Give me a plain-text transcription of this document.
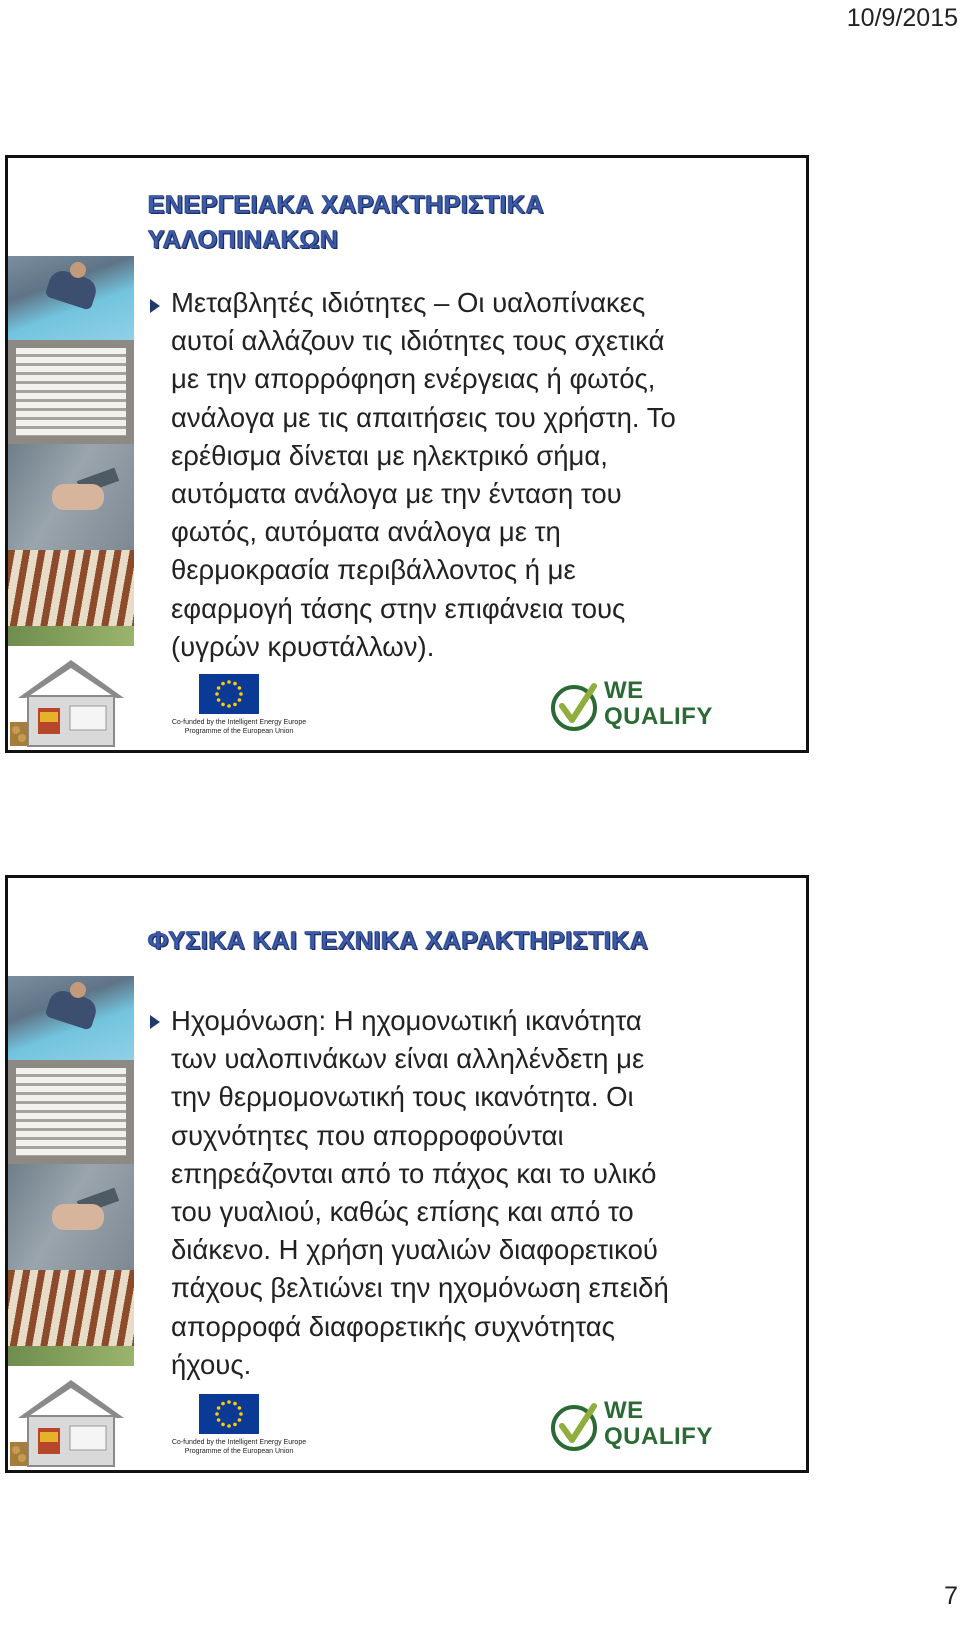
10/9/2015
ΕΝΕΡΓΕΙΑΚΑ ΧΑΡΑΚΤΗΡΙΣΤΙΚΑ
ΥΑΛΟΠΙΝΑΚΩΝ
Μεταβλητές ιδιότητες – Οι υαλοπίνακες
αυτοί αλλάζουν τις ιδιότητες τους σχετικά
με την απορρόφηση ενέργειας ή φωτός,
ανάλογα με τις απαιτήσεις του χρήστη. Το
ερέθισμα δίνεται με ηλεκτρικό σήμα,
αυτόματα ανάλογα με την ένταση του
φωτός, αυτόματα ανάλογα με τη
θερμοκρασία περιβάλλοντος ή με
εφαρμογή τάσης στην επιφάνεια τους
(υγρών κρυστάλλων).
Co-funded by the Intelligent Energy Europe
Programme of the European Union
WE
QUALIFY
ΦΥΣΙΚΑ ΚΑΙ ΤΕΧΝΙΚΑ ΧΑΡΑΚΤΗΡΙΣΤΙΚΑ
Ηχομόνωση: Η ηχομονωτική ικανότητα
των υαλοπινάκων είναι αλληλένδετη με
την θερμομονωτική τους ικανότητα. Οι
συχνότητες που απορροφούνται
επηρεάζονται από το πάχος και το υλικό
του γυαλιού, καθώς επίσης και από το
διάκενο. Η χρήση γυαλιών διαφορετικού
πάχους βελτιώνει την ηχομόνωση επειδή
απορροφά διαφορετικής συχνότητας
ήχους.
Co-funded by the Intelligent Energy Europe
Programme of the European Union
WE
QUALIFY
7
